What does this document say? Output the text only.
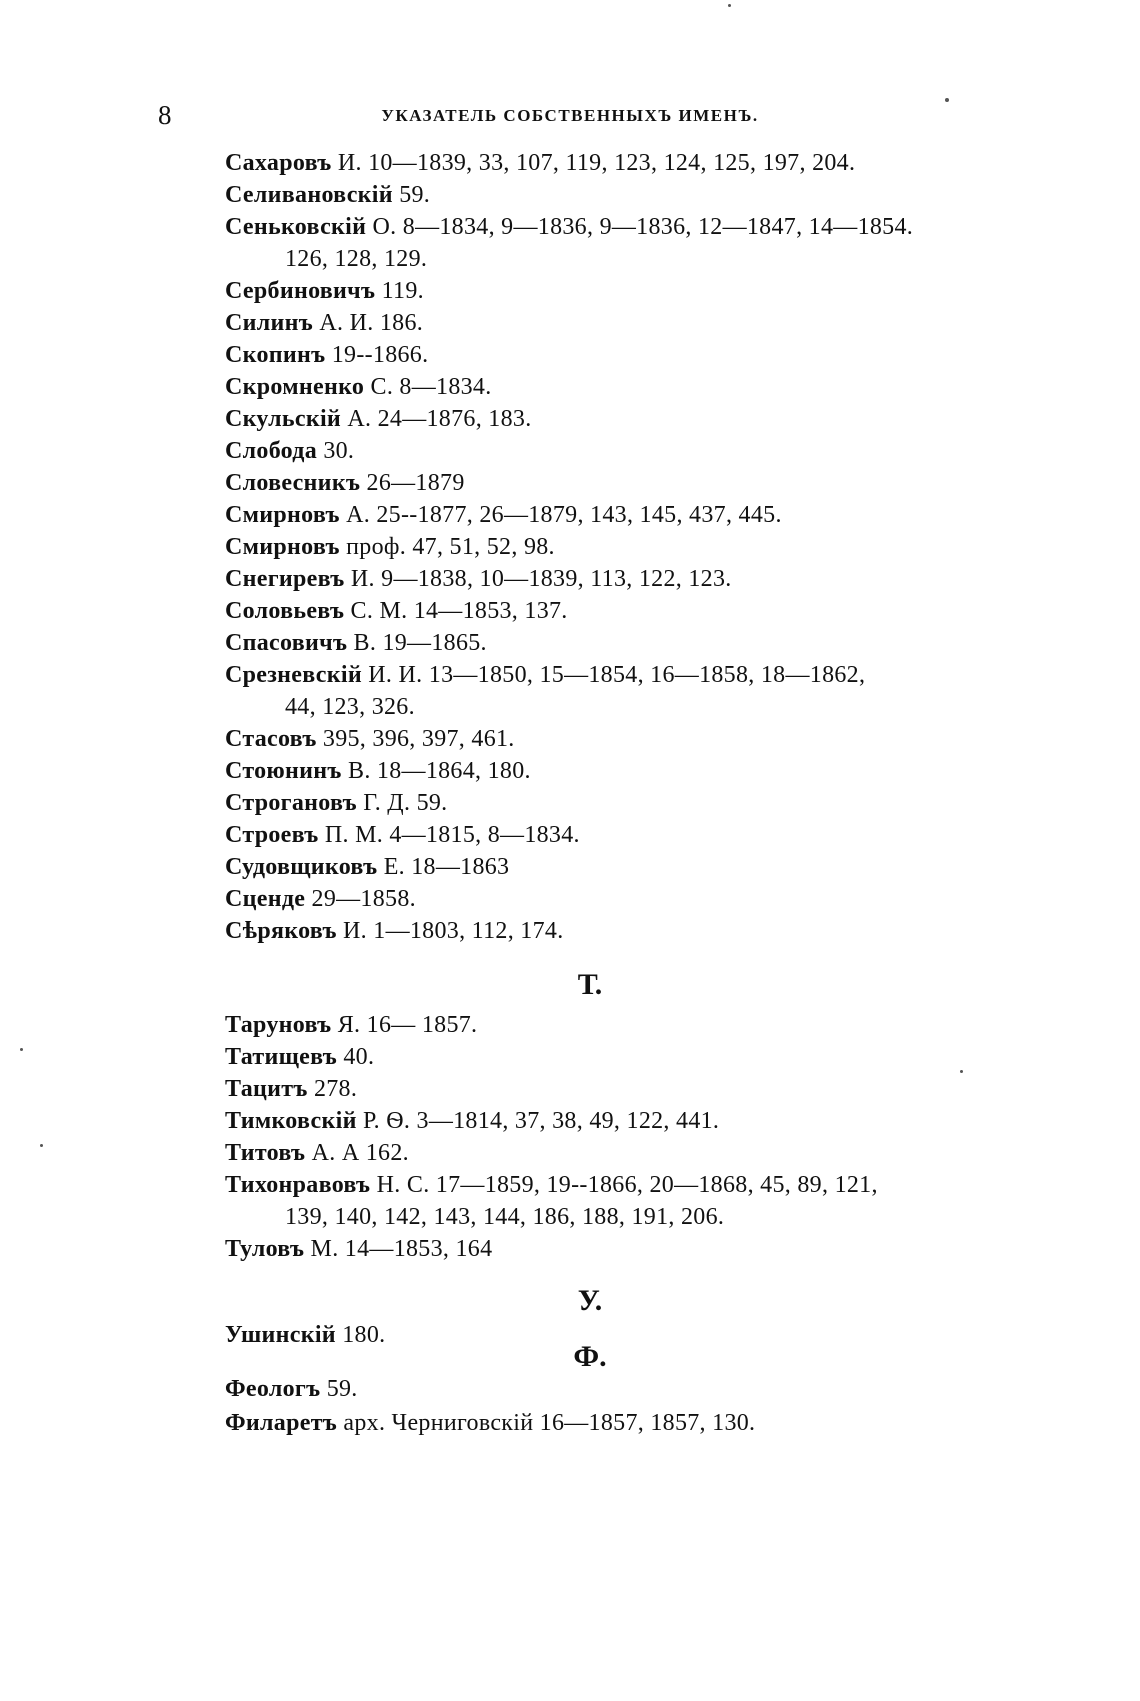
8	УКАЗАТЕЛЬ СОБСТВЕННЫХЪ ИМЕНЪ.
Сахаровъ И. 10—1839, 33, 107, 119, 123, 124, 125, 197, 204.
Селивановскій 59.
Сеньковскій О. 8—1834, 9—1836, 9—1836, 12—1847, 14—1854.
126, 128, 129.
Сербиновичъ 119.
Силинъ А. И. 186.
Скопинъ 19--1866.
Скромненко С. 8—1834.
Скульскій А. 24—1876, 183.
Слобода 30.
Словесникъ 26—1879
Смирновъ А. 25--1877, 26—1879, 143, 145, 437, 445.
Смирновъ проф. 47, 51, 52, 98.
Снегиревъ И. 9—1838, 10—1839, 113, 122, 123.
Соловьевъ С. М. 14—1853, 137.
Спасовичъ В. 19—1865.
Срезневскій И. И. 13—1850, 15—1854, 16—1858, 18—1862,
44, 123, 326.
Стасовъ 395, 396, 397, 461.
Стоюнинъ В. 18—1864, 180.
Строгановъ Г. Д. 59.
Строевъ П. М. 4—1815, 8—1834.
Судовщиковъ Е. 18—1863
Сценде 29—1858.
Сѣряковъ И. 1—1803, 112, 174.
Т.
Таруновъ Я. 16— 1857.
Татищевъ 40.
Тацитъ 278.
Тимковскій Р. Ѳ. 3—1814, 37, 38, 49, 122, 441.
Титовъ А. А 162.
Тихонравовъ Н. С. 17—1859, 19--1866, 20—1868, 45, 89, 121,
139, 140, 142, 143, 144, 186, 188, 191, 206.
Туловъ М. 14—1853, 164
У.
Ушинскій 180.
Ф.
Феологъ 59.
Филаретъ арх. Черниговскій 16—1857, 1857, 130.
